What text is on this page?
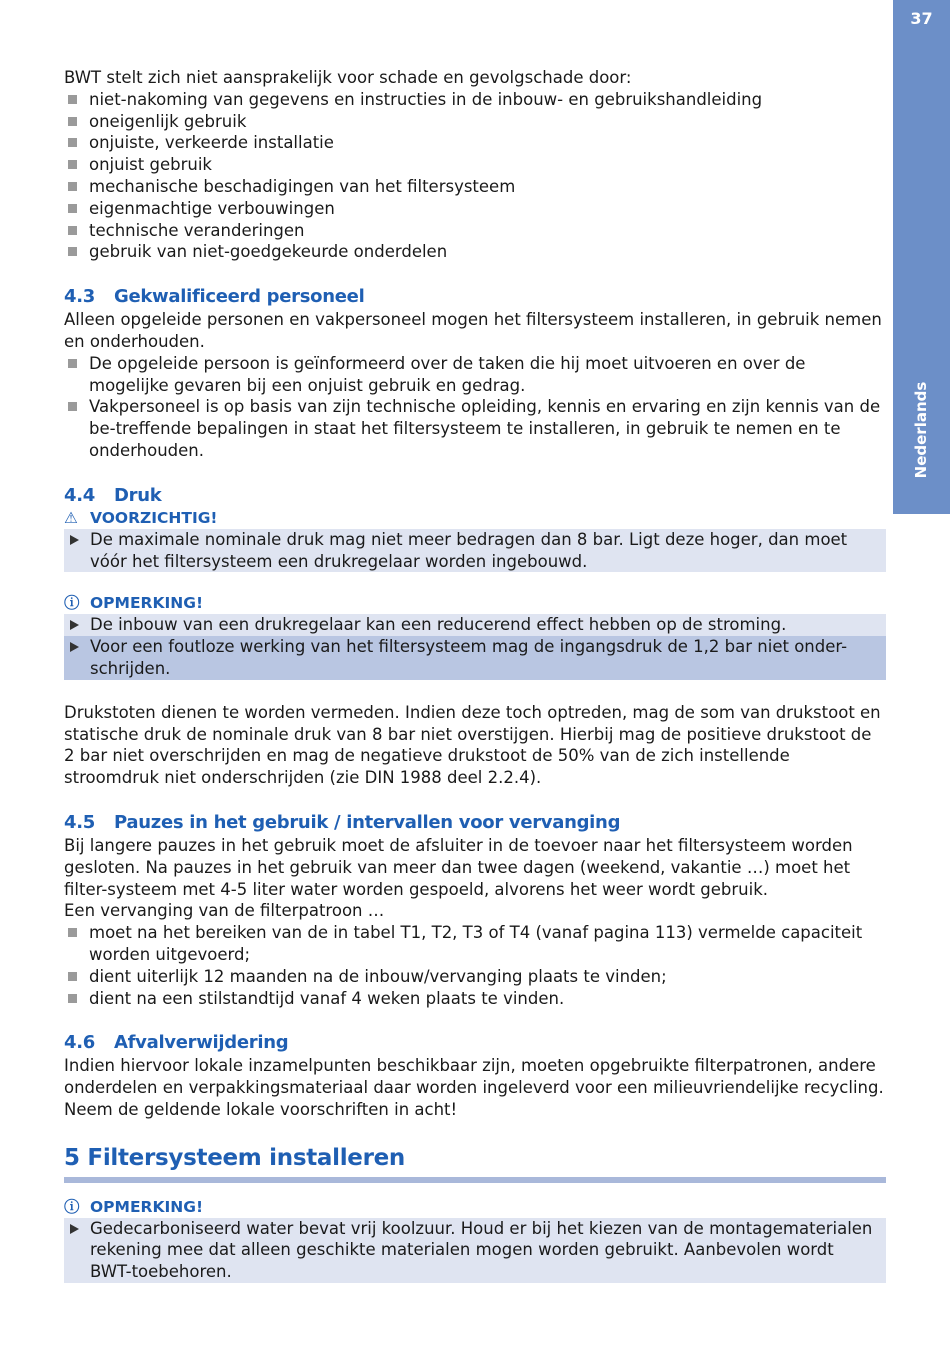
37
Nederlands

BWT stelt zich niet aansprakelijk voor schade en gevolgschade door:

niet-nakoming van gegevens en instructies in de inbouw- en gebruikshandleiding
oneigenlijk gebruik
onjuiste, verkeerde installatie
onjuist gebruik
mechanische beschadigingen van het filtersysteem
eigenmachtige verbouwingen
technische veranderingen
gebruik van niet-goedgekeurde onderdelen
4.3 Gekwalificeerd personeel

Alleen opgeleide personen en vakpersoneel mogen het filtersysteem installeren, in gebruik nemen en onderhouden.

De opgeleide persoon is geïnformeerd over de taken die hij moet uitvoeren en over de mogelijke gevaren bij een onjuist gebruik en gedrag.
Vakpersoneel is op basis van zijn technische opleiding, kennis en ervaring en zijn kennis van de be-treffende bepalingen in staat het filtersysteem te installeren, in gebruik te nemen en te onderhouden.
4.4 Druk
⚠ VOORZICHTIG!
De maximale nominale druk mag niet meer bedragen dan 8 bar. Ligt deze hoger, dan moet vóór het filtersysteem een drukregelaar worden ingebouwd.
ⓘ OPMERKING!
De inbouw van een drukregelaar kan een reducerend effect hebben op de stroming.
Voor een foutloze werking van het filtersysteem mag de ingangsdruk de 1,2 bar niet onder-schrijden.

Drukstoten dienen te worden vermeden. Indien deze toch optreden, mag de som van drukstoot en statische druk de nominale druk van 8 bar niet overstijgen. Hierbij mag de positieve drukstoot de 2 bar niet overschrijden en mag de negatieve drukstoot de 50% van de zich instellende stroomdruk niet onderschrijden (zie DIN 1988 deel 2.2.4).

4.5 Pauzes in het gebruik / intervallen voor vervanging

Bij langere pauzes in het gebruik moet de afsluiter in de toevoer naar het filtersysteem worden gesloten. Na pauzes in het gebruik van meer dan twee dagen (weekend, vakantie …) moet het filter-systeem met 4-5 liter water worden gespoeld, alvorens het weer wordt gebruik.

Een vervanging van de filterpatroon …

moet na het bereiken van de in tabel T1, T2, T3 of T4 (vanaf pagina 113) vermelde capaciteit worden uitgevoerd;
dient uiterlijk 12 maanden na de inbouw/vervanging plaats te vinden;
dient na een stilstandtijd vanaf 4 weken plaats te vinden.
4.6 Afvalverwijdering

Indien hiervoor lokale inzamelpunten beschikbaar zijn, moeten opgebruikte filterpatronen, andere onderdelen en verpakkingsmateriaal daar worden ingeleverd voor een milieuvriendelijke recycling. Neem de geldende lokale voorschriften in acht!

5 Filtersysteem installeren
ⓘ OPMERKING!
Gedecarboniseerd water bevat vrij koolzuur. Houd er bij het kiezen van de montagematerialen rekening mee dat alleen geschikte materialen mogen worden gebruikt. Aanbevolen wordt BWT-toebehoren.
